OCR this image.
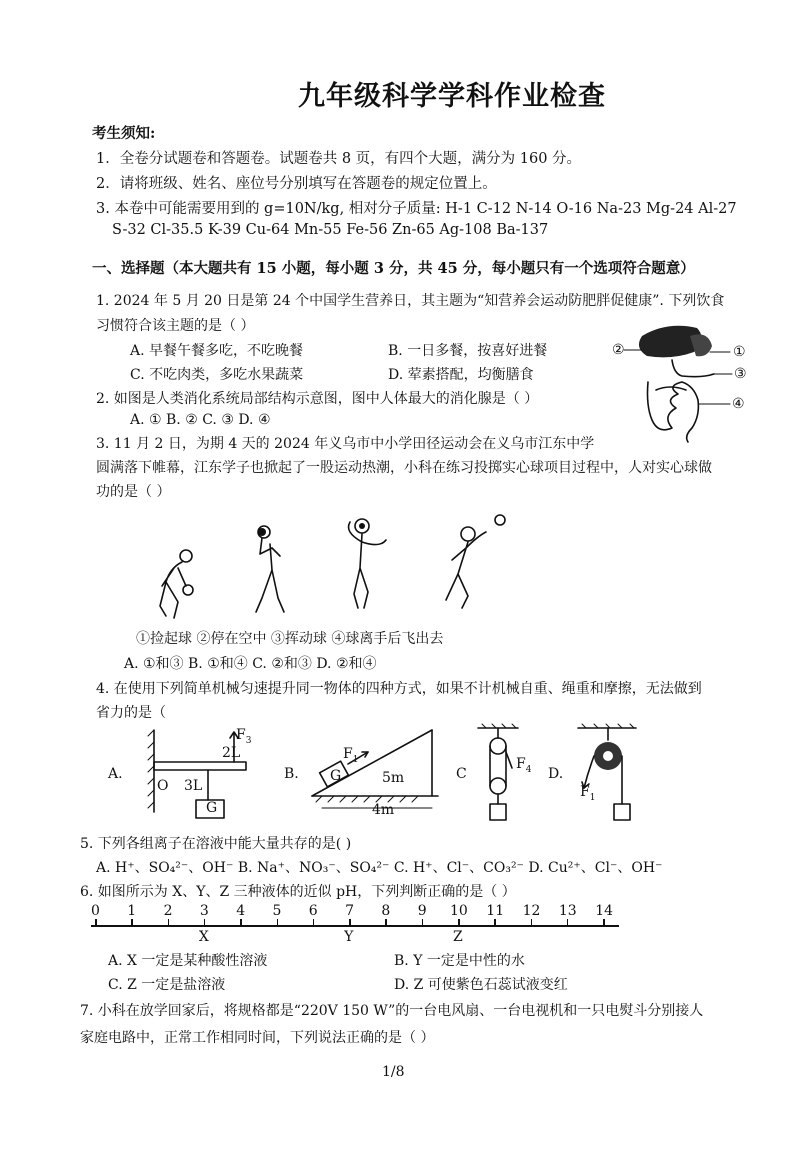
九年级科学学科作业检查
考生须知:
1．全卷分试题卷和答题卷。试题卷共 8 页，有四个大题，满分为 160 分。
2．请将班级、姓名、座位号分别填写在答题卷的规定位置上。
3. 本卷中可能需要用到的 g=10N/kg, 相对分子质量: H-1 C-12 N-14 O-16 Na-23 Mg-24 Al-27
S-32 Cl-35.5 K-39 Cu-64 Mn-55 Fe-56 Zn-65 Ag-108 Ba-137
一、选择题（本大题共有 15 小题，每小题 3 分，共 45 分，每小题只有一个选项符合题意）
1. 2024 年 5 月 20 日是第 24 个中国学生营养日，其主题为“知营养会运动防肥胖促健康”. 下列饮食
习惯符合该主题的是（ ）
A. 早餐午餐多吃，不吃晚餐	B. 一日多餐，按喜好进餐
C. 不吃肉类，多吃水果蔬菜	D. 荤素搭配，均衡膳食
2. 如图是人类消化系统局部结构示意图，图中人体最大的消化腺是（ ）
A. ① B. ② C. ③ D. ④
②	①
③
④
3. 11 月 2 日，为期 4 天的 2024 年义乌市中小学田径运动会在义乌市江东中学
圆满落下帷幕，江东学子也掀起了一股运动热潮，小科在练习投掷实心球项目过程中，人对实心球做
功的是（ ）
①捡起球 ②停在空中 ③挥动球 ④球离手后飞出去
A. ①和③ B. ①和④ C. ②和③ D. ②和④
4. 在使用下列简单机械匀速提升同一物体的四种方式，如果不计机械自重、绳重和摩擦，无法做到
省力的是（
A.
$F_3$
2L
O 3L
G
B.
$F_1$
G	5m
4m
C
$F_4$ D.
$F_1$
5. 下列各组离子在溶液中能大量共存的是( )
A. H⁺、SO₄²⁻、OH⁻ B. Na⁺、NO₃⁻、SO₄²⁻ C. H⁺、Cl⁻、CO₃²⁻ D. Cu²⁺、Cl⁻、OH⁻
6. 如图所示为 X、Y、Z 三种液体的近似 pH，下列判断正确的是（ ）
0 1 2 3 4 5 6 7 8 9 10 11 12 13 14
X	Y	Z
A. X 一定是某种酸性溶液	B. Y 一定是中性的水
C. Z 一定是盐溶液	D. Z 可使紫色石蕊试液变红
7. 小科在放学回家后，将规格都是“220V 150 W”的一台电风扇、一台电视机和一只电熨斗分别接人
家庭电路中，正常工作相同时间，下列说法正确的是（ ）
1/8
